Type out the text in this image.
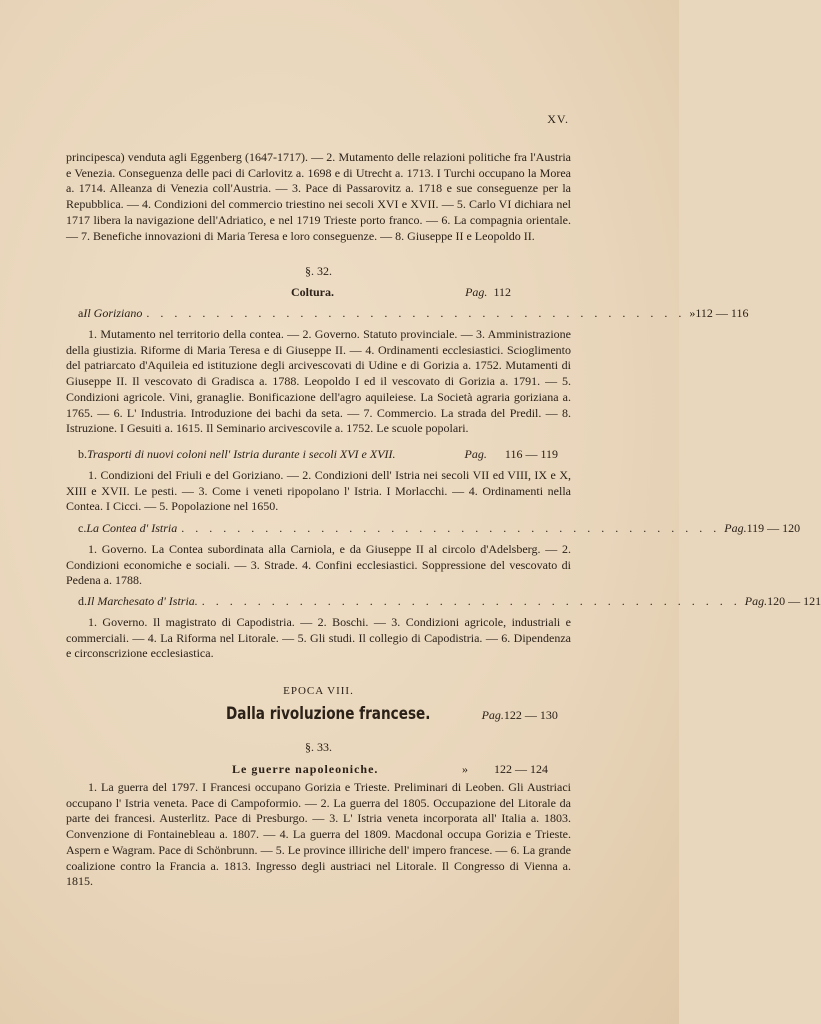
XV.
principesca) venduta agli Eggenberg (1647-1717). — 2. Mutamento delle relazioni politiche fra l'Austria e Venezia. Conseguenza delle paci di Carlovitz a. 1698 e di Utrecht a. 1713. I Turchi occupano la Morea a. 1714. Alleanza di Venezia coll'Austria. — 3. Pace di Passarovitz a. 1718 e sue conseguenze per la Repubblica. — 4. Condizioni del commercio triestino nei secoli XVI e XVII. — 5. Carlo VI dichiara nel 1717 libera la navigazione dell'Adriatico, e nel 1719 Trieste porto franco. — 6. La compagnia orientale. — 7. Benefiche innovazioni di Maria Teresa e loro conseguenze. — 8. Giuseppe II e Leopoldo II.
§. 32.
Coltura.	Pag. 112
a Il Goriziano . . . . . . . . . . . . . . . . . . . . . . . . . . . . . . . . . . . . . . . » 112 — 116
1. Mutamento nel territorio della contea. — 2. Governo. Statuto provinciale. — 3. Amministrazione della giustizia. Riforme di Maria Teresa e di Giuseppe II. — 4. Ordinamenti ecclesiastici. Scioglimento del patriarcato d'Aquileia ed istituzione degli arcivescovati di Udine e di Gorizia a. 1752. Mutamenti di Giuseppe II. Il vescovato di Gradisca a. 1788. Leopoldo I ed il vescovato di Gorizia a. 1791. — 5. Condizioni agricole. Vini, granaglie. Bonificazione dell'agro aquileiese. La Società agraria goriziana a. 1765. — 6. L' Industria. Introduzione dei bachi da seta. — 7. Commercio. La strada del Predil. — 8. Istruzione. I Gesuiti a. 1615. Il Seminario arcivescovile a. 1752. Le scuole popolari.
b. Trasporti di nuovi coloni nell' Istria durante i secoli XVI e XVII.	Pag. 116 — 119
1. Condizioni del Friuli e del Goriziano. — 2. Condizioni dell' Istria nei secoli VII ed VIII, IX e X, XIII e XVII. Le pesti. — 3. Come i veneti ripopolano l' Istria. I Morlacchi. — 4. Ordinamenti nella Contea. I Cicci. — 5. Popolazione nel 1650.
c. La Contea d' Istria . . . . . . . . . . . . . . . . . . . . . . . . . . . . . . . . . . . . . . . Pag. 119 — 120
1. Governo. La Contea subordinata alla Carniola, e da Giuseppe II al circolo d'Adelsberg. — 2. Condizioni economiche e sociali. — 3. Strade. 4. Confini ecclesiastici. Soppressione del vescovato di Pedena a. 1788.
d. Il Marchesato d' Istria. . . . . . . . . . . . . . . . . . . . . . . . . . . . . . . . . . . . . . . . Pag. 120 — 121
1. Governo. Il magistrato di Capodistria. — 2. Boschi. — 3. Condizioni agricole, industriali e commerciali. — 4. La Riforma nel Litorale. — 5. Gli studi. Il collegio di Capodistria. — 6. Dipendenza e circonscrizione ecclesiastica.
EPOCA VIII.
Dalla rivoluzione francese.	Pag. 122 — 130
§. 33.
Le guerre napoleoniche.	» 122 — 124
1. La guerra del 1797. I Francesi occupano Gorizia e Trieste. Preliminari di Leoben. Gli Austriaci occupano l' Istria veneta. Pace di Campoformio. — 2. La guerra del 1805. Occupazione del Litorale da parte dei francesi. Austerlitz. Pace di Presburgo. — 3. L' Istria veneta incorporata all' Italia a. 1803. Convenzione di Fontainebleau a. 1807. — 4. La guerra del 1809. Macdonal occupa Gorizia e Trieste. Aspern e Wagram. Pace di Schönbrunn. — 5. Le province illiriche dell' impero francese. — 6. La grande coalizione contro la Francia a. 1813. Ingresso degli austriaci nel Litorale. Il Congresso di Vienna a. 1815.
